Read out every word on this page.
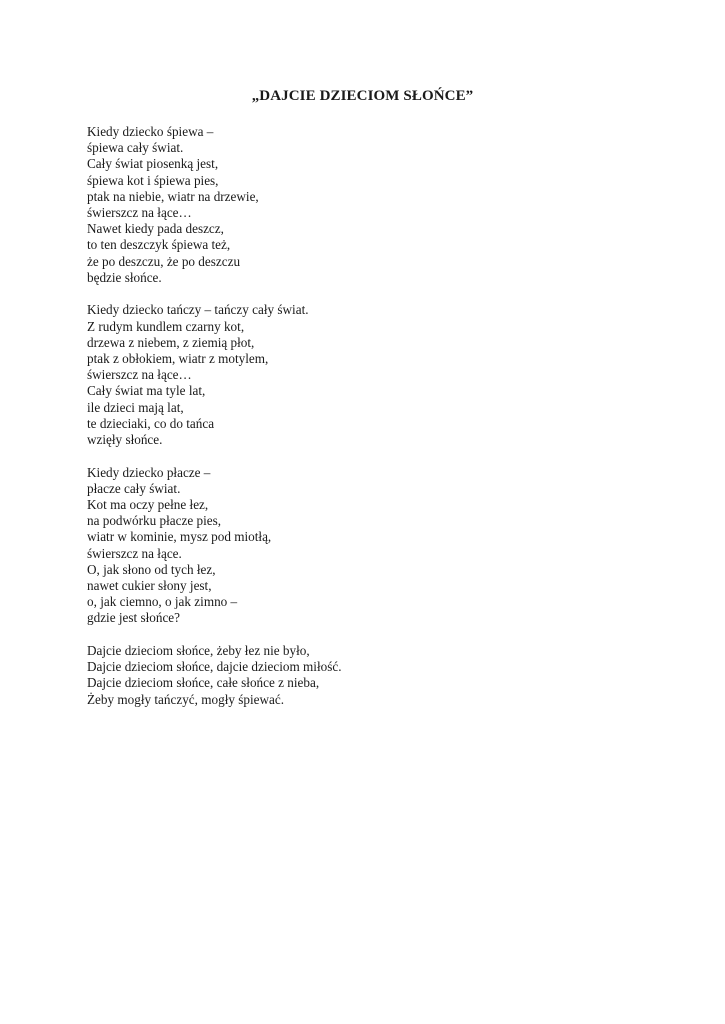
„DAJCIE DZIECIOM SŁOŃCE”
Kiedy dziecko śpiewa –
śpiewa cały świat.
Cały świat piosenką jest,
śpiewa kot i śpiewa pies,
ptak na niebie, wiatr na drzewie,
świerszcz na łące…
Nawet kiedy pada deszcz,
to ten deszczyk śpiewa też,
że po deszczu, że po deszczu
będzie słońce.
Kiedy dziecko tańczy – tańczy cały świat.
Z rudym kundlem czarny kot,
drzewa z niebem, z ziemią płot,
ptak z obłokiem, wiatr z motylem,
świerszcz na łące…
Cały świat ma tyle lat,
ile dzieci mają lat,
te dzieciaki, co do tańca
wzięły słońce.
Kiedy dziecko płacze –
płacze cały świat.
Kot ma oczy pełne łez,
na podwórku płacze pies,
wiatr w kominie, mysz pod miotłą,
świerszcz na łące.
O, jak słono od tych łez,
nawet cukier słony jest,
o, jak ciemno, o jak zimno –
gdzie jest słońce?
Dajcie dzieciom słońce, żeby łez nie było,
Dajcie dzieciom słońce, dajcie dzieciom miłość.
Dajcie dzieciom słońce, całe słońce z nieba,
Żeby mogły tańczyć, mogły śpiewać.
